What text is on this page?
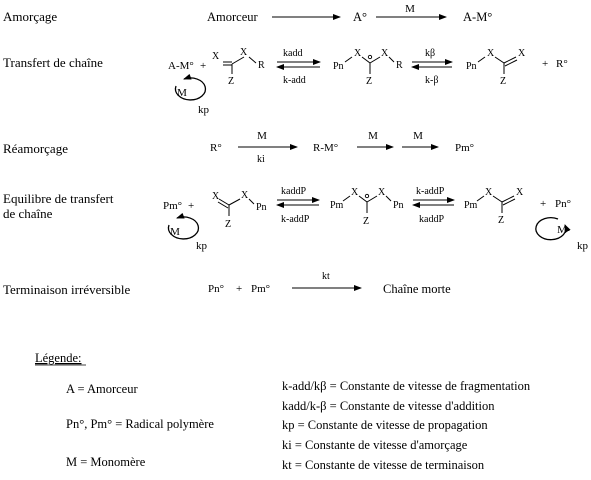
Amorçage	Amorceur	A°
M
A-M°
Transfert de chaîne	A-M° +
M
kp
X X
Z
R
kadd
k-add
Pn
X X
Z
R
kβ
k-β
Pn
X X
Z
+ R°
Réamorçage	R°
M
ki
R-M°
M	M
Pm°
Equilibre de transfert
de chaîne	Pm° +
M
kp
X X
Z
Pn
kaddP
k-addP
Pm
X X
Z
Pn
k-addP
kaddP
Pm
X X
Z
+ Pn°
M
kp
Terminaison irréversible	Pn° + Pm°
kt
Chaîne morte
Légende:
A = Amorceur
Pn°, Pm° = Radical polymère
M = Monomère
k-add/kβ = Constante de vitesse de fragmentation
kadd/k-β = Constante de vitesse d'addition
kp = Constante de vitesse de propagation
ki = Constante de vitesse d'amorçage
kt = Constante de vitesse de terminaison
